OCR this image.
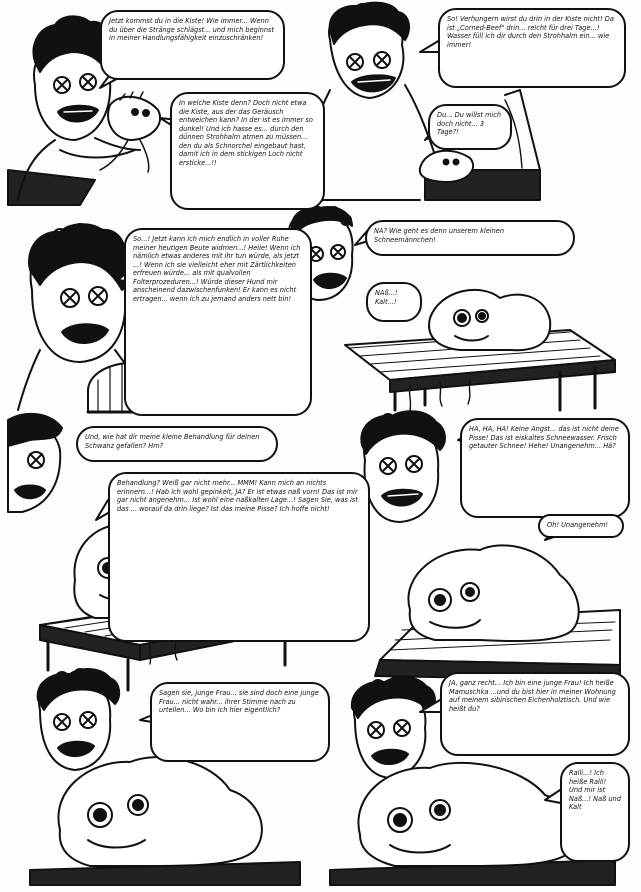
Jetzt kommst du in die Kiste! Wie immer... Wenn du über die Stränge schlägst... und mich beginnst in meiner Handlungsfähigkeit einzuschränken!
In welche Kiste denn? Doch nicht etwa die Kiste, aus der das Geräusch entweichen kann? In der ist es immer so dunkel! Und ich hasse es... durch den dünnen Strohhalm atmen zu müssen... den du als Schnorchel eingebaut hast, damit ich in dem stickigen Loch nicht ersticke...!!
So! Verhungern wirst du drin in der Kiste nicht! Da ist „Corned-Beef" drin... reicht für drei Tage...! Wasser füll ich dir durch den Strohhalm ein... wie immer!
Du... Du willst mich doch nicht... 3 Tage?!
So...! Jetzt kann ich mich endlich in voller Ruhe meiner heutigen Beute widmen...! Heile! Wenn ich nämlich etwas anderes mit ihr tun würde, als jetzt ...! Wenn ich sie vielleicht eher mit Zärtlichkeiten erfreuen würde... als mit qualvollen Folterprozeduren...! Würde dieser Hund mir anscheinend dazwischenfunken! Er kann es nicht ertragen... wenn ich zu jemand anders nett bin!
NA? Wie geht es denn unserem kleinen Schneemännchen!
NAß...! Kalt...!
Und, wie hat dir meine kleine Behandlung für deinen Schwanz gefallen? Hm?
Behandlung? Weiß gar nicht mehr... MMM! Kann mich an nichts erinnern...! Hab ich wohl gepinkelt, JA? Er ist etwas naß vorn! Das ist mir gar nicht angenehm... Ist wohl eine naßkalten Lage...! Sagen Sie, was ist das ... worauf da drin liege? Ist das meine Pisse? Ich hoffe nicht!
HA, HA, HA! Keine Angst... das ist nicht deine Pisse! Das ist eiskaltes Schneewasser. Frisch getauter Schnee! Hehe! Unangenehm... Hä?
Oh! Unangenehm!
Sagen sie, junge Frau... sie sind doch eine junge Frau... nicht wahr... ihrer Stimme nach zu urteilen... Wo bin ich hier eigentlich?
JA, ganz recht... Ich bin eine junge Frau! Ich heiße Mamuschka ...und du bist hier in meiner Wohnung auf meinem sibirischen Eichenholztisch. Und wie heißt du?
Ralli...! Ich heiße Ralli! Und mir ist Naß...! Naß und Kalt
